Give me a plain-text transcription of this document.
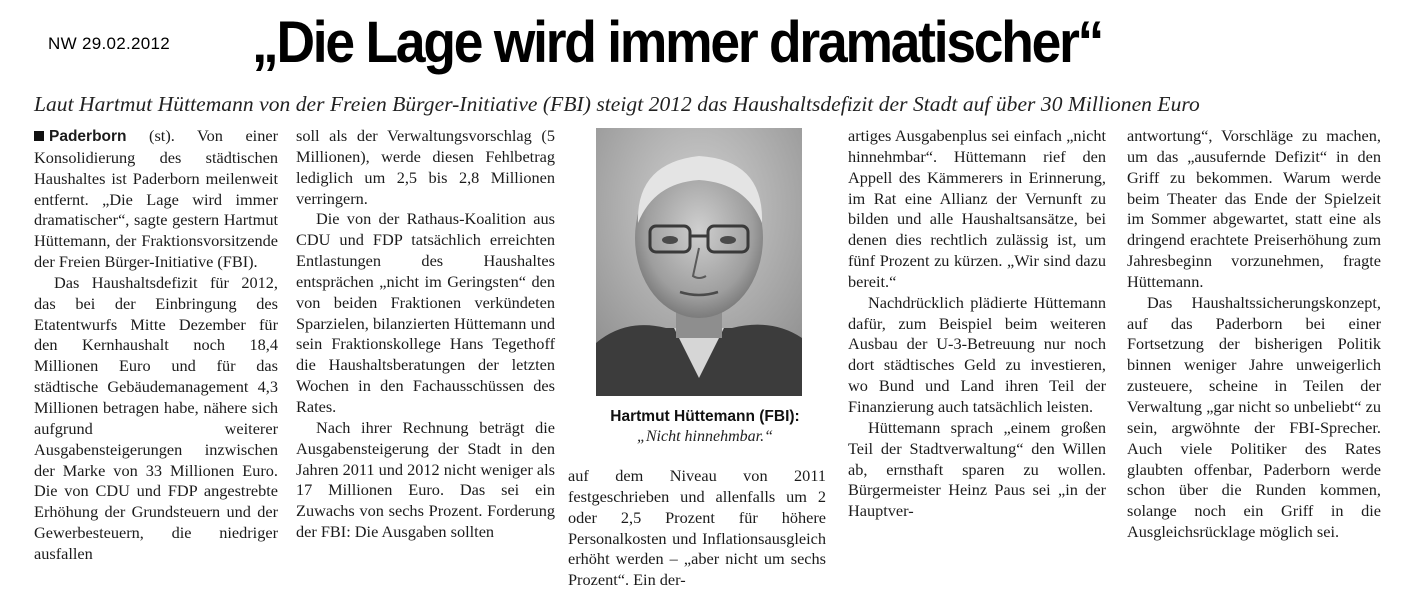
NW 29.02.2012 „Die Lage wird immer dramatischer“
Laut Hartmut Hüttemann von der Freien Bürger-Initiative (FBI) steigt 2012 das Haushaltsdefizit der Stadt auf über 30 Millionen Euro

Paderborn (st). Von einer Konsolidierung des städtischen Haushaltes ist Paderborn meilenweit entfernt. „Die Lage wird immer dramatischer“, sagte gestern Hartmut Hüttemann, der Fraktionsvorsitzende der Freien Bürger-Initiative (FBI).

Das Haushaltsdefizit für 2012, das bei der Einbringung des Etatentwurfs Mitte Dezember für den Kernhaushalt noch 18,4 Millionen Euro und für das städtische Gebäudemanagement 4,3 Millionen betragen habe, nähere sich aufgrund weiterer Ausgabensteigerungen inzwischen der Marke von 33 Millionen Euro. Die von CDU und FDP angestrebte Erhöhung der Grundsteuern und der Gewerbesteuern, die niedriger ausfallen

soll als der Verwaltungsvorschlag (5 Millionen), werde diesen Fehlbetrag lediglich um 2,5 bis 2,8 Millionen verringern.

Die von der Rathaus-Koalition aus CDU und FDP tatsächlich erreichten Entlastungen des Haushaltes entsprächen „nicht im Geringsten“ den von beiden Fraktionen verkündeten Sparzielen, bilanzierten Hüttemann und sein Fraktionskollege Hans Tegethoff die Haushaltsberatungen der letzten Wochen in den Fachausschüssen des Rates.

Nach ihrer Rechnung beträgt die Ausgabensteigerung der Stadt in den Jahren 2011 und 2012 nicht weniger als 17 Millionen Euro. Das sei ein Zuwachs von sechs Prozent. Forderung der FBI: Die Ausgaben sollten

Hartmut Hüttemann (FBI):
„Nicht hinnehmbar.“

auf dem Niveau von 2011 festgeschrieben und allenfalls um 2 oder 2,5 Prozent für höhere Personalkosten und Inflationsausgleich erhöht werden – „aber nicht um sechs Prozent“. Ein der-

artiges Ausgabenplus sei einfach „nicht hinnehmbar“. Hüttemann rief den Appell des Kämmerers in Erinnerung, im Rat eine Allianz der Vernunft zu bilden und alle Haushaltsansätze, bei denen dies rechtlich zulässig ist, um fünf Prozent zu kürzen. „Wir sind dazu bereit.“

Nachdrücklich plädierte Hüttemann dafür, zum Beispiel beim weiteren Ausbau der U-3-Betreuung nur noch dort städtisches Geld zu investieren, wo Bund und Land ihren Teil der Finanzierung auch tatsächlich leisten.

Hüttemann sprach „einem großen Teil der Stadtverwaltung“ den Willen ab, ernsthaft sparen zu wollen. Bürgermeister Heinz Paus sei „in der Hauptver-

antwortung“, Vorschläge zu machen, um das „ausufernde Defizit“ in den Griff zu bekommen. Warum werde beim Theater das Ende der Spielzeit im Sommer abgewartet, statt eine als dringend erachtete Preiserhöhung zum Jahresbeginn vorzunehmen, fragte Hüttemann.

Das Haushaltssicherungskonzept, auf das Paderborn bei einer Fortsetzung der bisherigen Politik binnen weniger Jahre unweigerlich zusteuere, scheine in Teilen der Verwaltung „gar nicht so unbeliebt“ zu sein, argwöhnte der FBI-Sprecher. Auch viele Politiker des Rates glaubten offenbar, Paderborn werde schon über die Runden kommen, solange noch ein Griff in die Ausgleichsrücklage möglich sei.
